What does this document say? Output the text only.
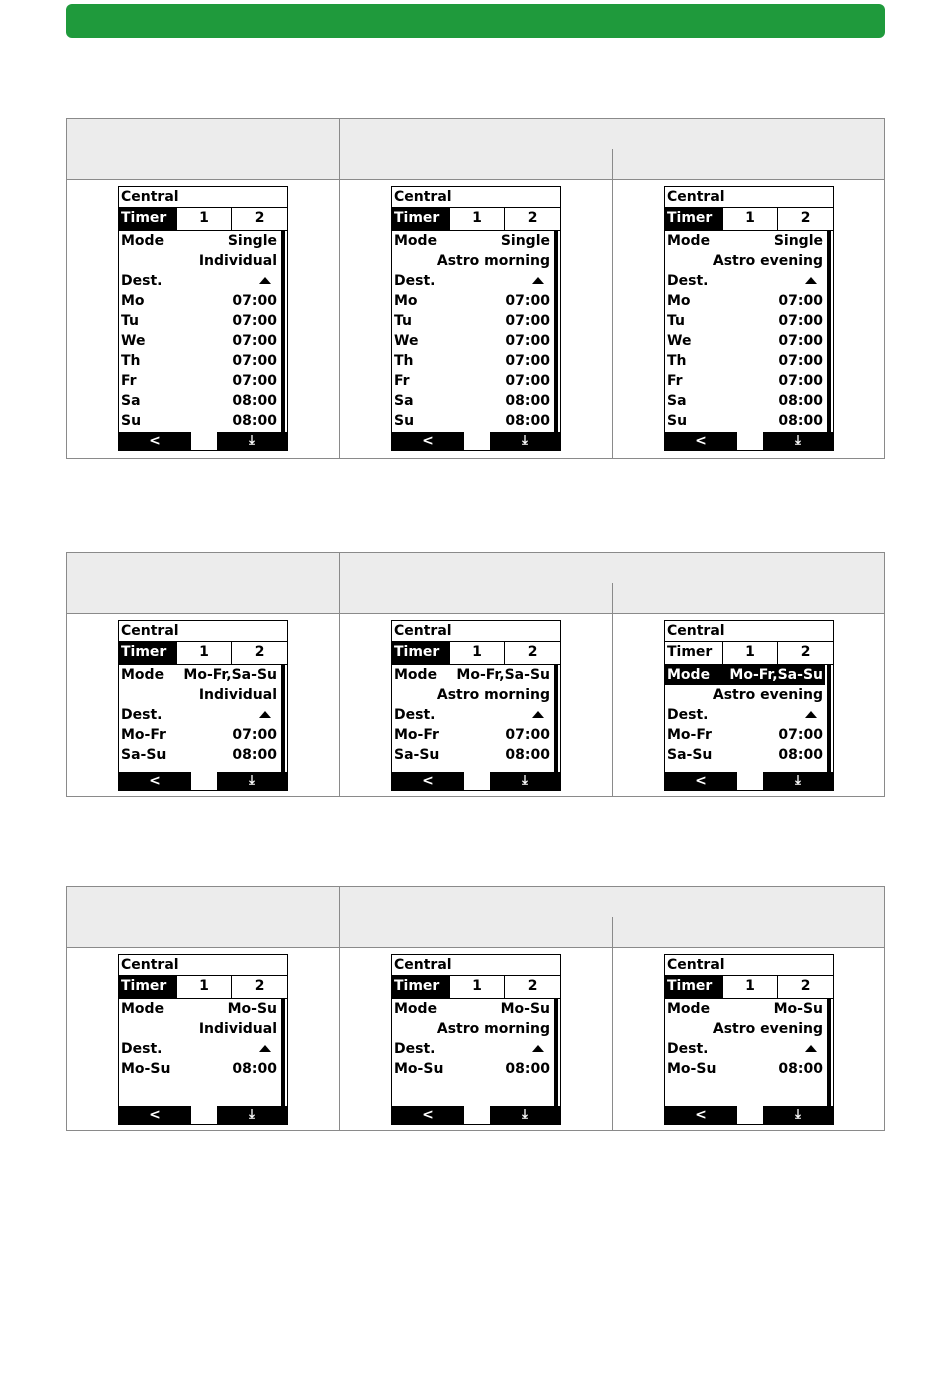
Central
Timer	1	2
Mode	Single
Individual
Dest.
Mo	07:00
Tu	07:00
We	07:00
Th	07:00
Fr	07:00
Sa	08:00
Su	08:00
<	⤓
Central
Timer	1	2
Mode	Single
Astro morning
Dest.
Mo	07:00
Tu	07:00
We	07:00
Th	07:00
Fr	07:00
Sa	08:00
Su	08:00
<	⤓
Central
Timer	1	2
Mode	Single
Astro evening
Dest.
Mo	07:00
Tu	07:00
We	07:00
Th	07:00
Fr	07:00
Sa	08:00
Su	08:00
<	⤓
Central
Timer	1	2
Mode Mo-Fr,Sa-Su
Individual
Dest.
Mo-Fr	07:00
Sa-Su	08:00
<	⤓
Central
Timer	1	2
Mode Mo-Fr,Sa-Su
Astro morning
Dest.
Mo-Fr	07:00
Sa-Su	08:00
<	⤓
Central
Timer	1	2
Mode Mo-Fr,Sa-Su
Astro evening
Dest.
Mo-Fr	07:00
Sa-Su	08:00
<	⤓
Central
Timer	1	2
Mode	Mo-Su
Individual
Dest.
Mo-Su	08:00
<	⤓
Central
Timer	1	2
Mode	Mo-Su
Astro morning
Dest.
Mo-Su	08:00
<	⤓
Central
Timer	1	2
Mode	Mo-Su
Astro evening
Dest.
Mo-Su	08:00
<	⤓
